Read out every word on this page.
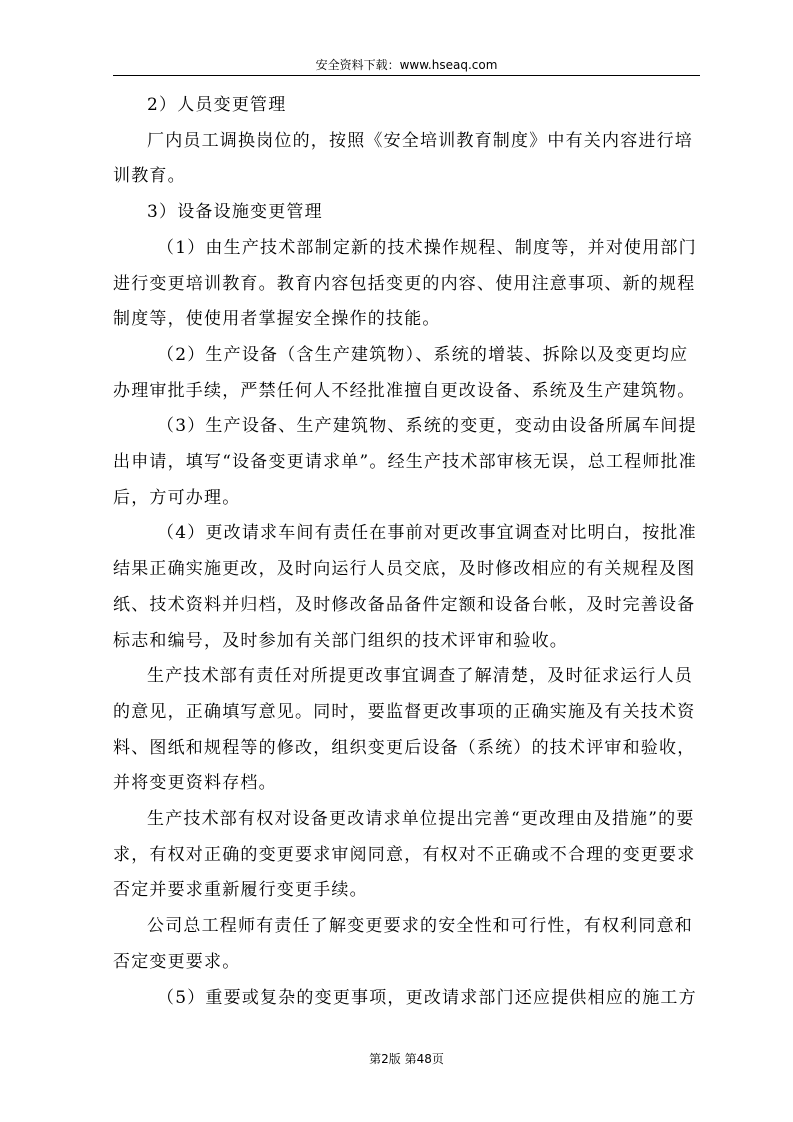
安全资料下载：www.hseaq.com

2）人员变更管理

厂内员工调换岗位的，按照《安全培训教育制度》中有关内容进行培训教育。

3）设备设施变更管理

（1）由生产技术部制定新的技术操作规程、制度等，并对使用部门进行变更培训教育。教育内容包括变更的内容、使用注意事项、新的规程制度等，使使用者掌握安全操作的技能。

（2）生产设备（含生产建筑物）、系统的增装、拆除以及变更均应办理审批手续，严禁任何人不经批准擅自更改设备、系统及生产建筑物。

（3）生产设备、生产建筑物、系统的变更，变动由设备所属车间提出申请，填写“设备变更请求单”。经生产技术部审核无误，总工程师批准后，方可办理。

（4）更改请求车间有责任在事前对更改事宜调查对比明白，按批准结果正确实施更改，及时向运行人员交底，及时修改相应的有关规程及图纸、技术资料并归档，及时修改备品备件定额和设备台帐，及时完善设备标志和编号，及时参加有关部门组织的技术评审和验收。

生产技术部有责任对所提更改事宜调查了解清楚，及时征求运行人员的意见，正确填写意见。同时，要监督更改事项的正确实施及有关技术资料、图纸和规程等的修改，组织变更后设备（系统）的技术评审和验收，并将变更资料存档。

生产技术部有权对设备更改请求单位提出完善“更改理由及措施”的要求，有权对正确的变更要求审阅同意，有权对不正确或不合理的变更要求否定并要求重新履行变更手续。

公司总工程师有责任了解变更要求的安全性和可行性，有权利同意和否定变更要求。

（5）重要或复杂的变更事项，更改请求部门还应提供相应的施工方

第2版 第48页
